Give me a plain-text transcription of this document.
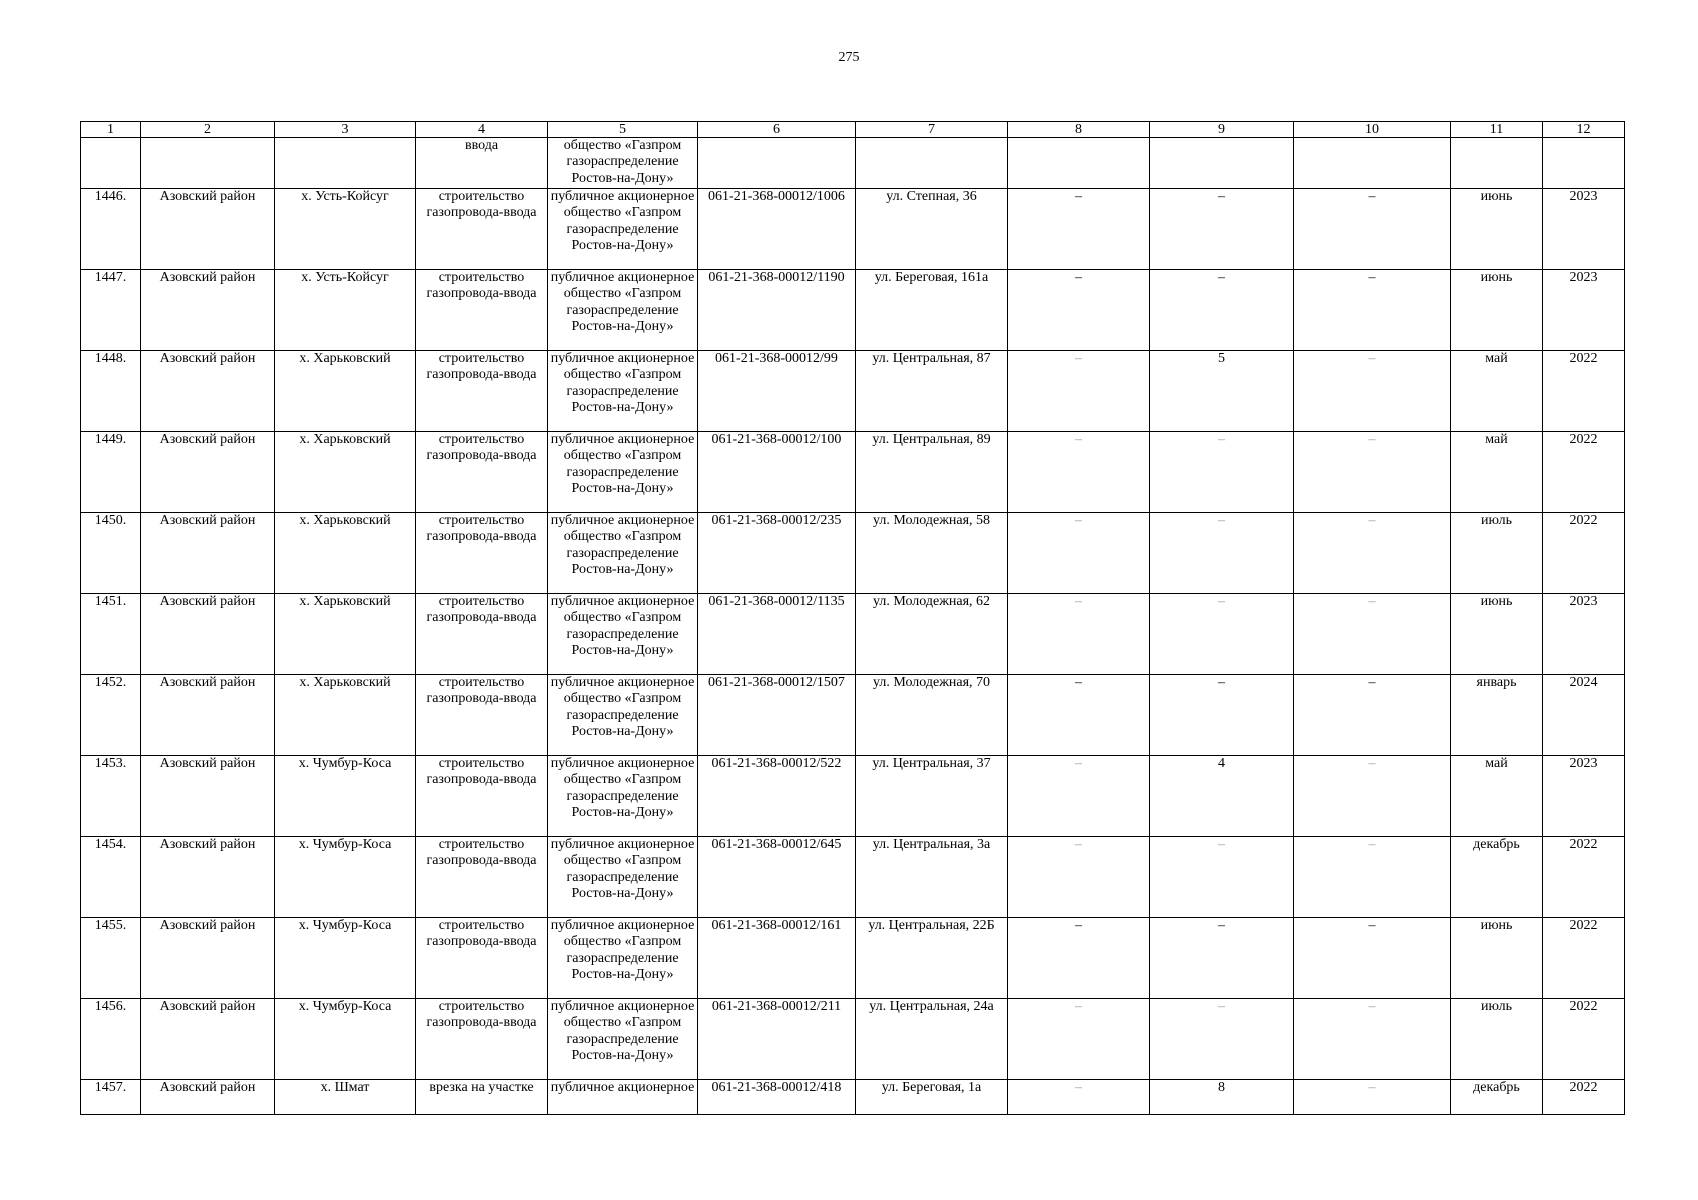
275
1	2	3	4	5	6	7	8	9	10	11	12
			ввода	общество «Газпром газораспределение Ростов-на-Дону»							
1446.	Азовский район	х. Усть-Койсуг	строительство газопровода-ввода	публичное акционерное общество «Газпром газораспределение Ростов-на-Дону»	061-21-368-00012/1006	ул. Степная, 36	–	–	–	июнь	2023
1447.	Азовский район	х. Усть-Койсуг	строительство газопровода-ввода	публичное акционерное общество «Газпром газораспределение Ростов-на-Дону»	061-21-368-00012/1190	ул. Береговая, 161а	–	–	–	июнь	2023
1448.	Азовский район	х. Харьковский	строительство газопровода-ввода	публичное акционерное общество «Газпром газораспределение Ростов-на-Дону»	061-21-368-00012/99	ул. Центральная, 87	–	5	–	май	2022
1449.	Азовский район	х. Харьковский	строительство газопровода-ввода	публичное акционерное общество «Газпром газораспределение Ростов-на-Дону»	061-21-368-00012/100	ул. Центральная, 89	–	–	–	май	2022
1450.	Азовский район	х. Харьковский	строительство газопровода-ввода	публичное акционерное общество «Газпром газораспределение Ростов-на-Дону»	061-21-368-00012/235	ул. Молодежная, 58	–	–	–	июль	2022
1451.	Азовский район	х. Харьковский	строительство газопровода-ввода	публичное акционерное общество «Газпром газораспределение Ростов-на-Дону»	061-21-368-00012/1135	ул. Молодежная, 62	–	–	–	июнь	2023
1452.	Азовский район	х. Харьковский	строительство газопровода-ввода	публичное акционерное общество «Газпром газораспределение Ростов-на-Дону»	061-21-368-00012/1507	ул. Молодежная, 70	–	–	–	январь	2024
1453.	Азовский район	х. Чумбур-Коса	строительство газопровода-ввода	публичное акционерное общество «Газпром газораспределение Ростов-на-Дону»	061-21-368-00012/522	ул. Центральная, 37	–	4	–	май	2023
1454.	Азовский район	х. Чумбур-Коса	строительство газопровода-ввода	публичное акционерное общество «Газпром газораспределение Ростов-на-Дону»	061-21-368-00012/645	ул. Центральная, 3а	–	–	–	декабрь	2022
1455.	Азовский район	х. Чумбур-Коса	строительство газопровода-ввода	публичное акционерное общество «Газпром газораспределение Ростов-на-Дону»	061-21-368-00012/161	ул. Центральная, 22Б	–	–	–	июнь	2022
1456.	Азовский район	х. Чумбур-Коса	строительство газопровода-ввода	публичное акционерное общество «Газпром газораспределение Ростов-на-Дону»	061-21-368-00012/211	ул. Центральная, 24а	–	–	–	июль	2022
1457.	Азовский район	х. Шмат	врезка на участке	публичное акционерное	061-21-368-00012/418	ул. Береговая, 1а	–	8	–	декабрь	2022
